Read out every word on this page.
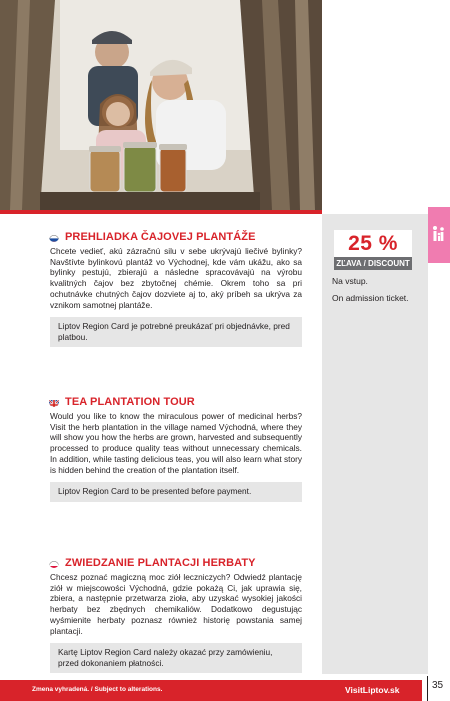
25 %
ZĽAVA / DISCOUNT
Na vstup.
On admission ticket.
PREHLIADKA ČAJOVEJ PLANTÁŽE
Chcete vedieť, akú zázračnú silu v sebe ukrývajú liečivé bylinky? Navštívte bylinkovú plantáž vo Východnej, kde vám ukážu, ako sa bylinky pestujú, zbierajú a následne spracovávajú na výrobu kvalitných čajov bez zbytočnej chémie. Okrem toho sa pri ochutnávke chutných čajov dozviete aj to, aký príbeh sa ukrýva za vznikom samotnej plantáže.
Liptov Region Card je potrebné preukázať pri objednávke, pred platbou.
TEA PLANTATION TOUR
Would you like to know the miraculous power of medicinal herbs? Visit the herb plantation in the village named Východná, where they will show you how the herbs are grown, harvested and subsequently processed to produce quality teas without unnecessary chemicals. In addition, while tasting delicious teas, you will also learn what story is hidden behind the creation of the plantation itself.
Liptov Region Card to be presented before payment.
ZWIEDZANIE PLANTACJI HERBATY
Chcesz poznać magiczną moc ziół leczniczych? Odwiedź plantację ziół w miejscowości Východná, gdzie pokażą Ci, jak uprawia się, zbiera, a następnie przetwarza zioła, aby uzyskać wysokiej jakości herbaty bez zbędnych chemikaliów. Dodatkowo degustując wyśmienite herbaty poznasz również historię powstania samej plantacji.
Kartę Liptov Region Card należy okazać przy zamówieniu, przed dokonaniem płatności.
Zmena vyhradená. / Subject to alterations.	VisitLiptov.sk	35
